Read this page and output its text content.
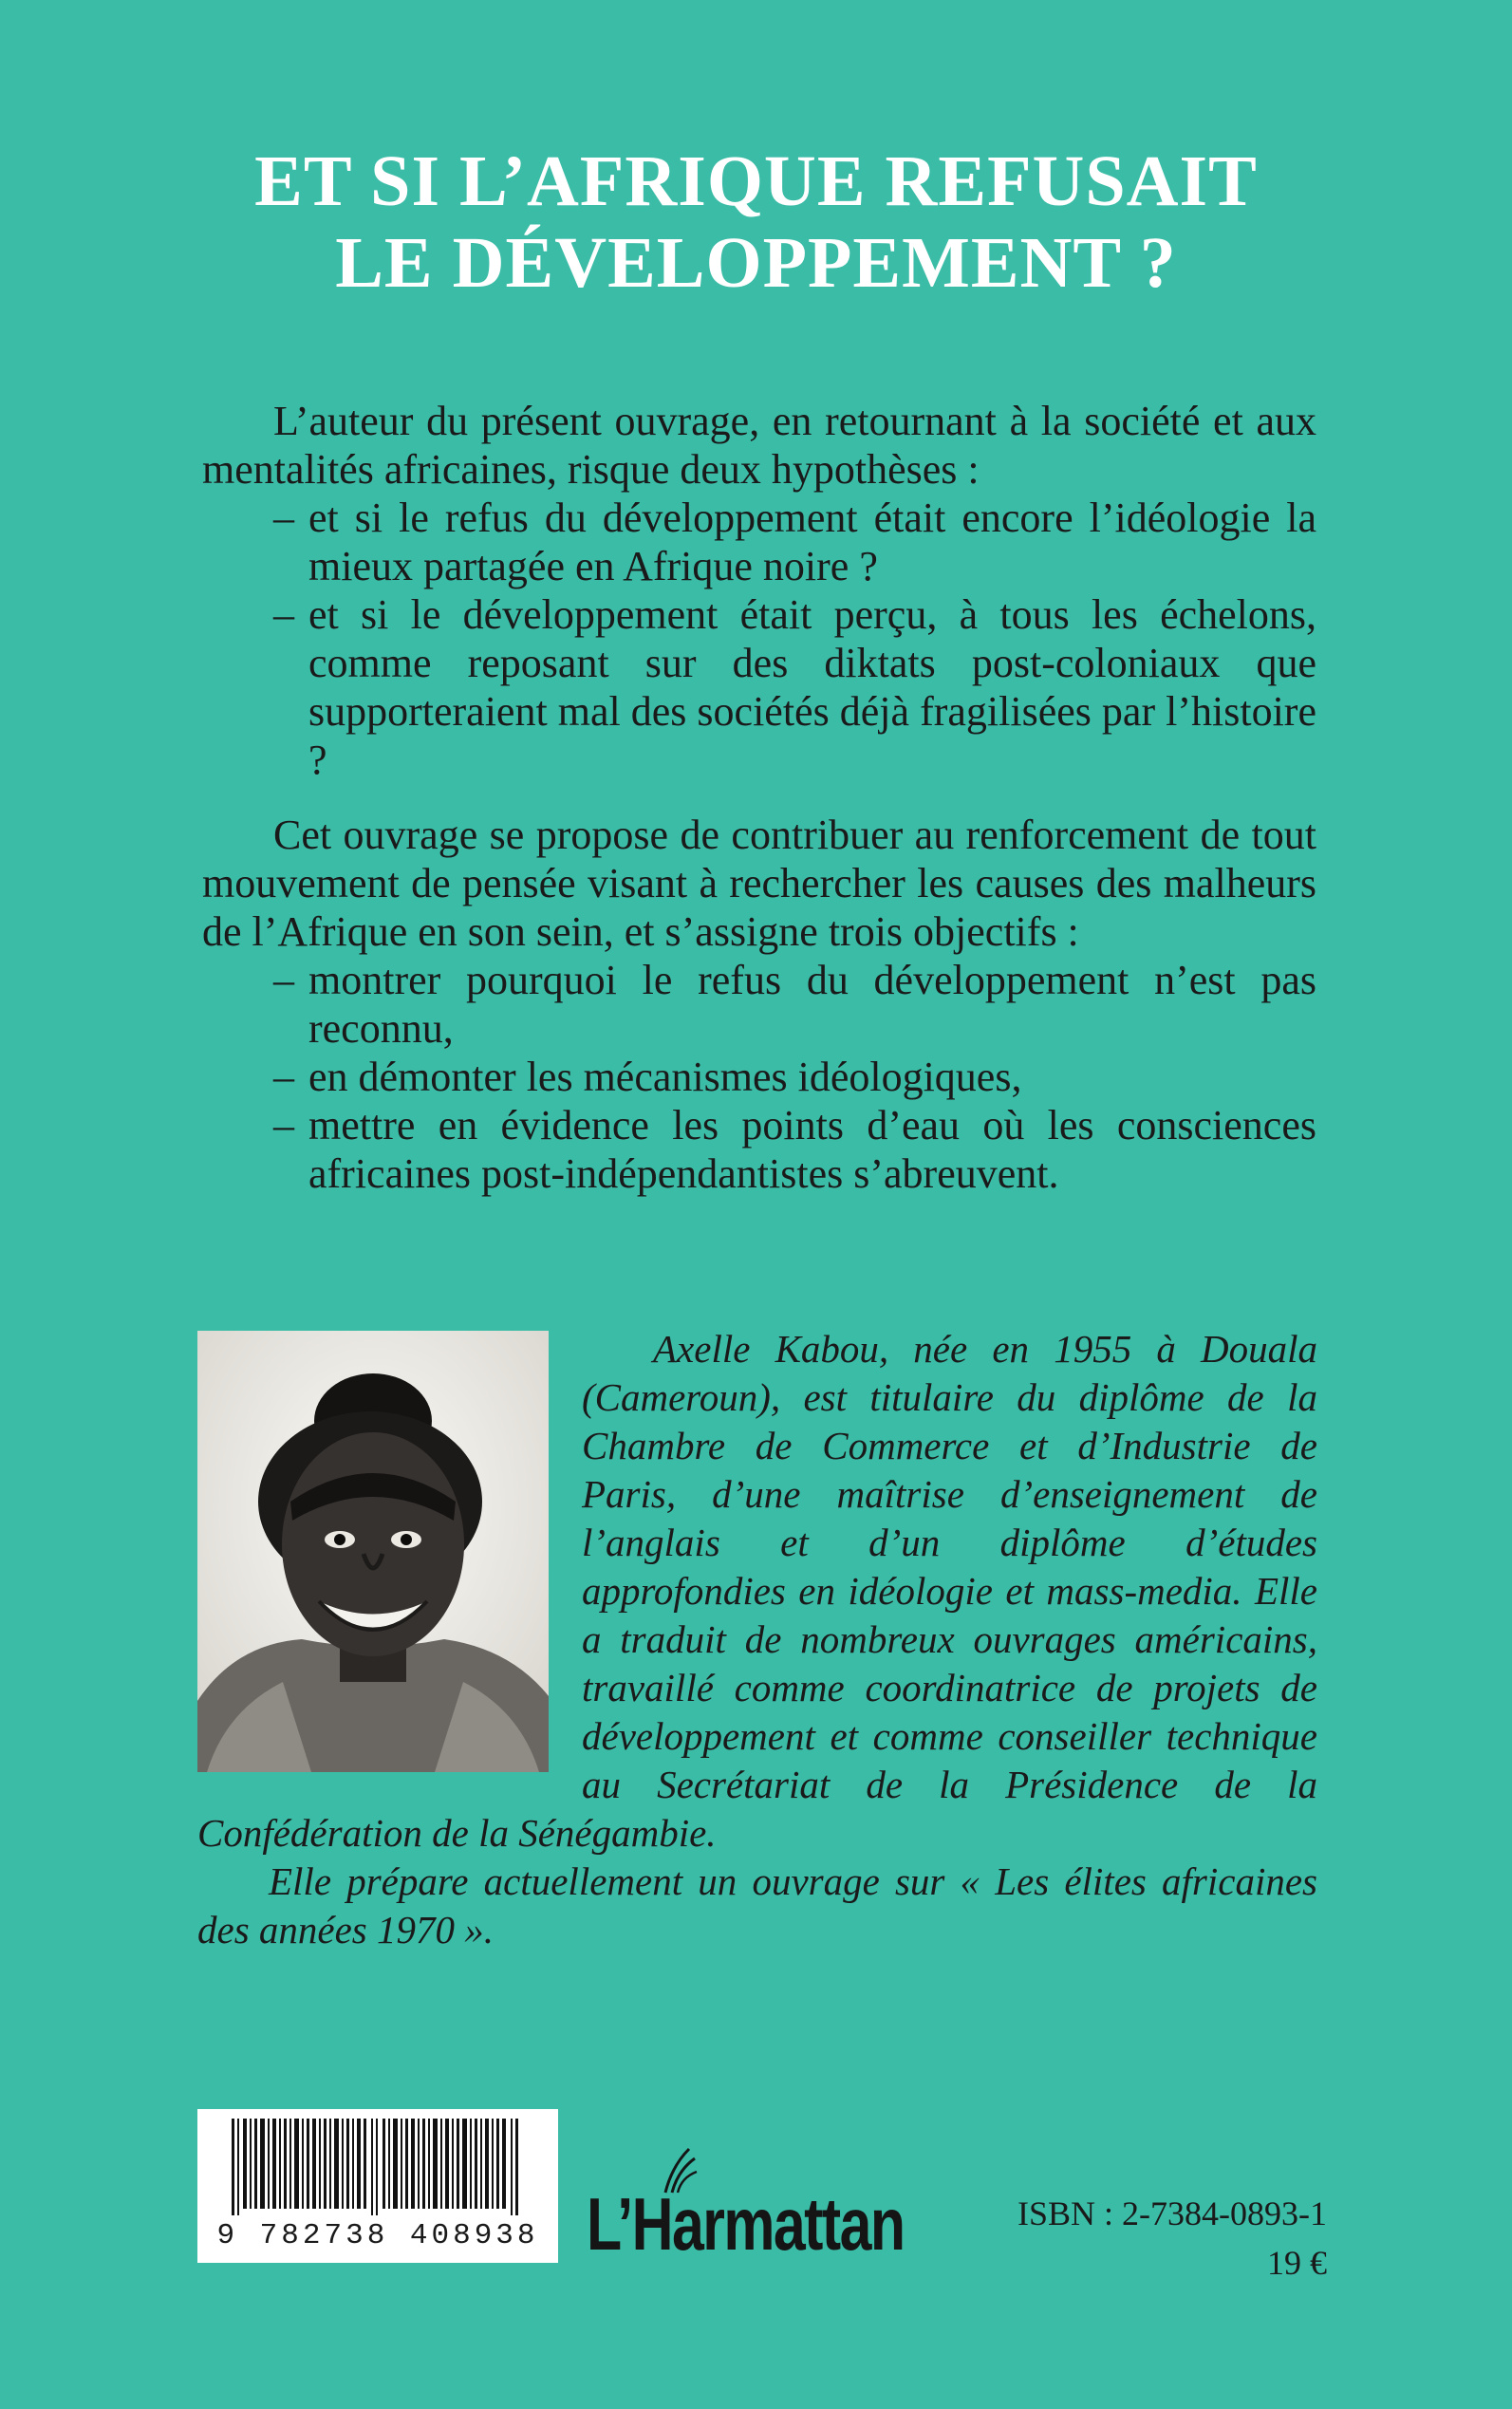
ET SI L’AFRIQUE REFUSAIT
LE DÉVELOPPEMENT ?

L’auteur du présent ouvrage, en retournant à la société et aux mentalités africaines, risque deux hypothèses :

– et si le refus du développement était encore l’idéologie la mieux partagée en Afrique noire ?
– et si le développement était perçu, à tous les échelons, comme reposant sur des diktats post-coloniaux que supporteraient mal des sociétés déjà fragilisées par l’histoire ?

Cet ouvrage se propose de contribuer au renforcement de tout mouvement de pensée visant à rechercher les causes des malheurs de l’Afrique en son sein, et s’assigne trois objectifs :

– montrer pourquoi le refus du développement n’est pas reconnu,
– en démonter les mécanismes idéologiques,
– mettre en évidence les points d’eau où les consciences africaines post-indépendantistes s’abreuvent.

Axelle Kabou, née en 1955 à Douala (Cameroun), est titulaire du diplôme de la Chambre de Commerce et d’Industrie de Paris, d’une maîtrise d’enseignement de l’anglais et d’un diplôme d’études approfondies en idéologie et mass-media. Elle a traduit de nombreux ouvrages américains, travaillé comme coordinatrice de projets de développement et comme conseiller technique au Secrétariat de la Présidence de la Confédération de la Sénégambie.

Elle prépare actuellement un ouvrage sur « Les élites africaines des années 1970 ».

9 782738 408938 L’Harmattan	ISBN : 2-7384-0893-1
19 €
